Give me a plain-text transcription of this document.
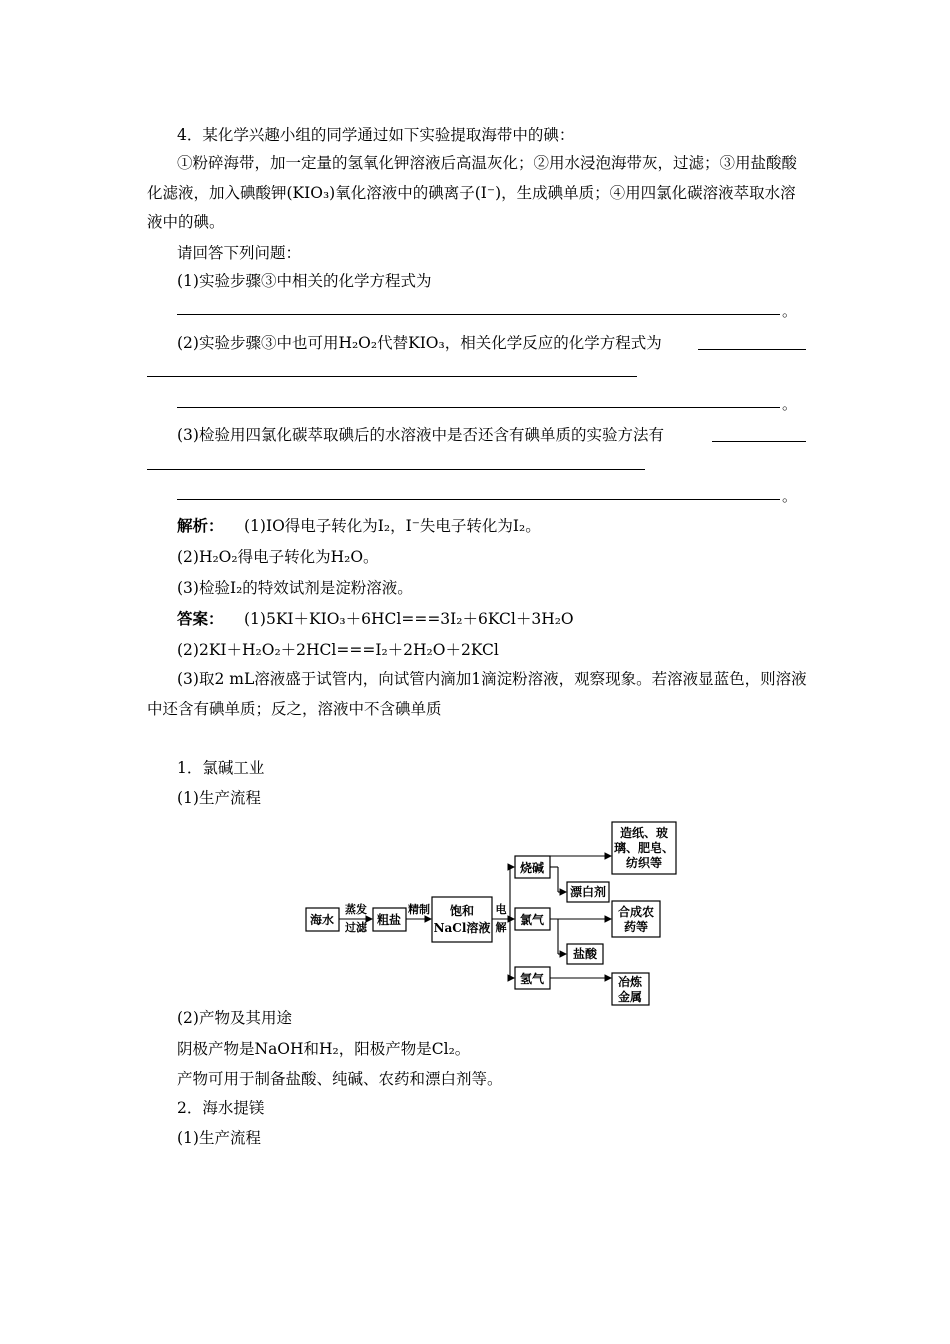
4．某化学兴趣小组的同学通过如下实验提取海带中的碘：
①粉碎海带，加一定量的氢氧化钾溶液后高温灰化；②用水浸泡海带灰，过滤；③用盐酸酸化滤液，加入碘酸钾(KIO₃)氧化溶液中的碘离子(I⁻)，生成碘单质；④用四氯化碳溶液萃取水溶液中的碘。
请回答下列问题：
(1)实验步骤③中相关的化学方程式为
。
(2)实验步骤③中也可用H₂O₂代替KIO₃，相关化学反应的化学方程式为
。
(3)检验用四氯化碳萃取碘后的水溶液中是否还含有碘单质的实验方法有
。
解析： (1)IO得电子转化为I₂，I⁻失电子转化为I₂。
(2)H₂O₂得电子转化为H₂O。
(3)检验I₂的特效试剂是淀粉溶液。
答案： (1)5KI＋KIO₃＋6HCl===3I₂＋6KCl＋3H₂O
(2)2KI＋H₂O₂＋2HCl===I₂＋2H₂O＋2KCl
(3)取2 mL溶液盛于试管内，向试管内滴加1滴淀粉溶液，观察现象。若溶液显蓝色，则溶液中还含有碘单质；反之，溶液中不含碘单质
1．氯碱工业
(1)生产流程
海水
蒸发
过滤
粗盐
精制 饱和
NaCl溶液
电
解
烧碱
氯气
氢气
造纸、玻
璃、肥皂、
纺织等
漂白剂
合成农
药等
盐酸
冶炼
金属
(2)产物及其用途
阴极产物是NaOH和H₂，阳极产物是Cl₂。
产物可用于制备盐酸、纯碱、农药和漂白剂等。
2．海水提镁
(1)生产流程
